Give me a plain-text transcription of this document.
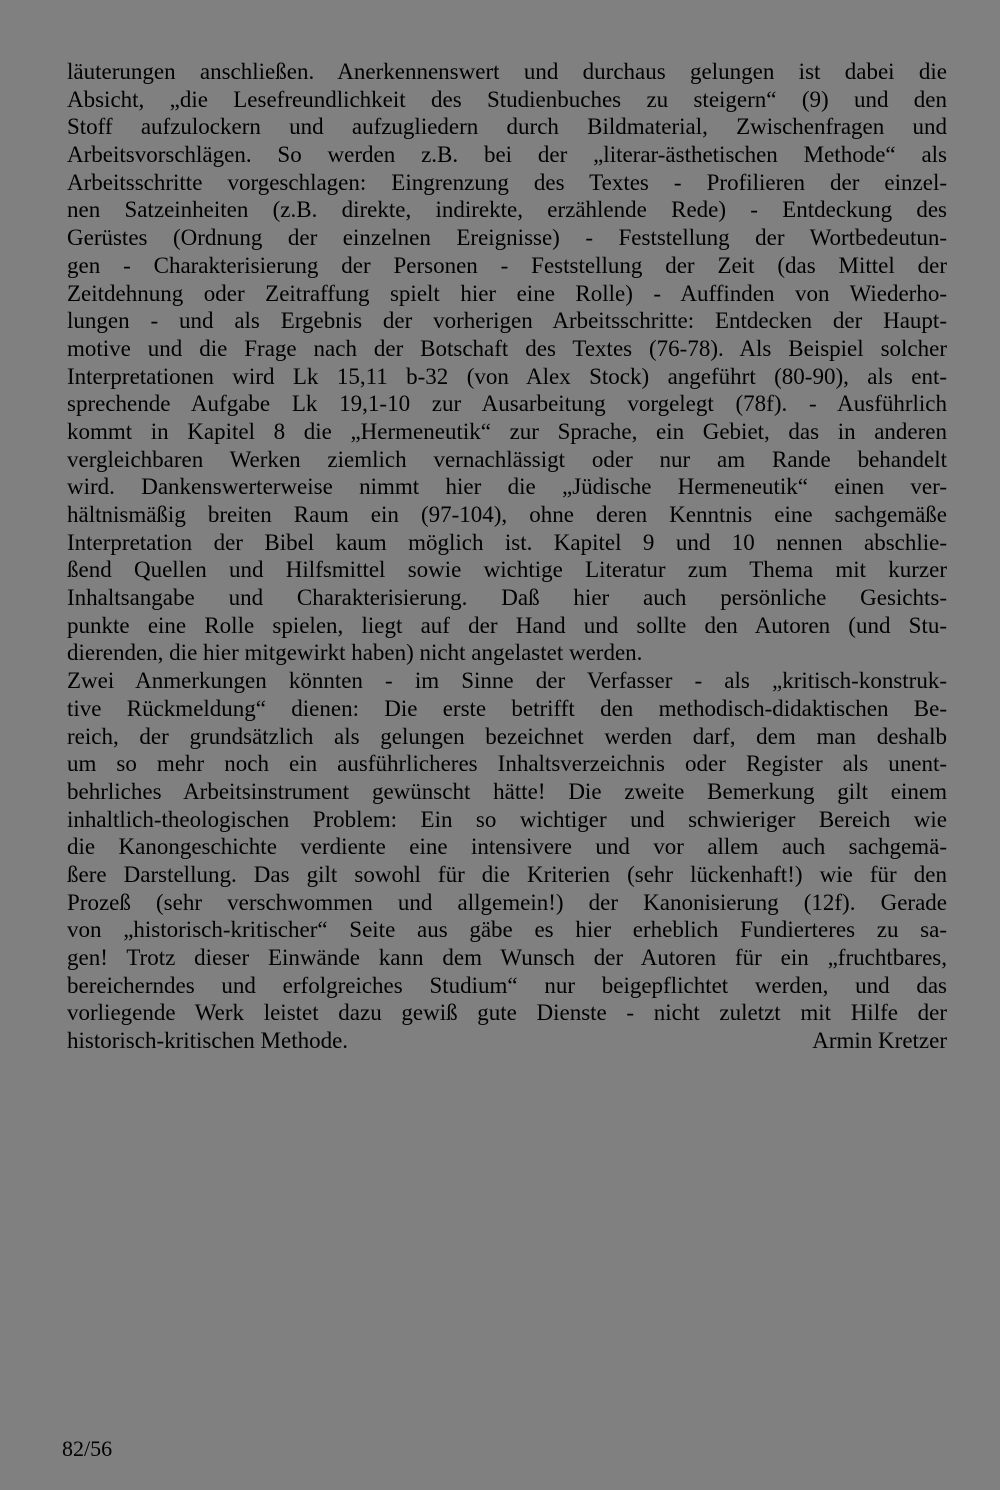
läuterungen anschließen. Anerkennenswert und durchaus gelungen ist dabei die
Absicht, „die Lesefreundlichkeit des Studienbuches zu steigern“ (9) und den
Stoff aufzulockern und aufzugliedern durch Bildmaterial, Zwischenfragen und
Arbeitsvorschlägen. So werden z.B. bei der „literar-ästhetischen Methode“ als
Arbeitsschritte vorgeschlagen: Eingrenzung des Textes - Profilieren der einzel-
nen Satzeinheiten (z.B. direkte, indirekte, erzählende Rede) - Entdeckung des
Gerüstes (Ordnung der einzelnen Ereignisse) - Feststellung der Wortbedeutun-
gen - Charakterisierung der Personen - Feststellung der Zeit (das Mittel der
Zeitdehnung oder Zeitraffung spielt hier eine Rolle) - Auffinden von Wiederho-
lungen - und als Ergebnis der vorherigen Arbeitsschritte: Entdecken der Haupt-
motive und die Frage nach der Botschaft des Textes (76-78). Als Beispiel solcher
Interpretationen wird Lk 15,11 b-32 (von Alex Stock) angeführt (80-90), als ent-
sprechende Aufgabe Lk 19,1-10 zur Ausarbeitung vorgelegt (78f). - Ausführlich
kommt in Kapitel 8 die „Hermeneutik“ zur Sprache, ein Gebiet, das in anderen
vergleichbaren Werken ziemlich vernachlässigt oder nur am Rande behandelt
wird. Dankenswerterweise nimmt hier die „Jüdische Hermeneutik“ einen ver-
hältnismäßig breiten Raum ein (97-104), ohne deren Kenntnis eine sachgemäße
Interpretation der Bibel kaum möglich ist. Kapitel 9 und 10 nennen abschlie-
ßend Quellen und Hilfsmittel sowie wichtige Literatur zum Thema mit kurzer
Inhaltsangabe und Charakterisierung. Daß hier auch persönliche Gesichts-
punkte eine Rolle spielen, liegt auf der Hand und sollte den Autoren (und Stu-
dierenden, die hier mitgewirkt haben) nicht angelastet werden.
Zwei Anmerkungen könnten - im Sinne der Verfasser - als „kritisch-konstruk-
tive Rückmeldung“ dienen: Die erste betrifft den methodisch-didaktischen Be-
reich, der grundsätzlich als gelungen bezeichnet werden darf, dem man deshalb
um so mehr noch ein ausführlicheres Inhaltsverzeichnis oder Register als unent-
behrliches Arbeitsinstrument gewünscht hätte! Die zweite Bemerkung gilt einem
inhaltlich-theologischen Problem: Ein so wichtiger und schwieriger Bereich wie
die Kanongeschichte verdiente eine intensivere und vor allem auch sachgemä-
ßere Darstellung. Das gilt sowohl für die Kriterien (sehr lückenhaft!) wie für den
Prozeß (sehr verschwommen und allgemein!) der Kanonisierung (12f). Gerade
von „historisch-kritischer“ Seite aus gäbe es hier erheblich Fundierteres zu sa-
gen! Trotz dieser Einwände kann dem Wunsch der Autoren für ein „fruchtbares,
bereicherndes und erfolgreiches Studium“ nur beigepflichtet werden, und das
vorliegende Werk leistet dazu gewiß gute Dienste - nicht zuletzt mit Hilfe der
historisch-kritischen Methode.	Armin Kretzer
82/56
